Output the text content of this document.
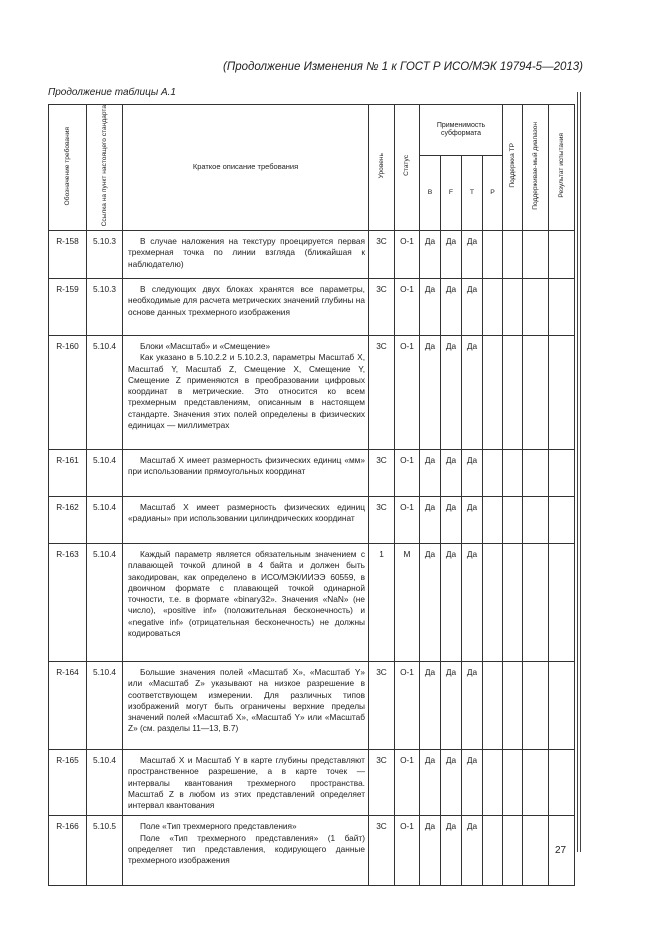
(Продолжение Изменения № 1 к ГОСТ Р ИСО/МЭК 19794-5—2013)
Продолжение таблицы А.1
Обозначение требования	Ссылка на пункт настоящего стандарта	Краткое описание требования	Уровень	Статус	Применимость субформата				Поддержка ТР	Поддерживае-мый диапазон	Результат испытания
					B	F	T	P			
R-158	5.10.3	В случае наложения на текстуру проецируется первая трехмерная точка по линии взгляда (ближайшая к наблюдателю)	3С	О-1	Да	Да	Да				
R-159	5.10.3	В следующих двух блоках хранятся все параметры, необходимые для расчета метрических значений глубины на основе данных трехмерного изображения	3С	О-1	Да	Да	Да				
R-160	5.10.4	Блоки «Масштаб» и «Смещение»
Как указано в 5.10.2.2 и 5.10.2.3, параметры Масштаб X, Масштаб Y, Масштаб Z, Смещение X, Смещение Y, Смещение Z применяются в преобразовании цифровых координат в метрические. Это относится ко всем трехмерным представлениям, описанным в настоящем стандарте. Значения этих полей определены в физических единицах — миллиметрах	3С	О-1	Да	Да	Да				
R-161	5.10.4	Масштаб X имеет размерность физических единиц «мм» при использовании прямоугольных координат	3С	О-1	Да	Да	Да				
R-162	5.10.4	Масштаб X имеет размерность физических единиц «радианы» при использовании цилиндрических координат	3С	О-1	Да	Да	Да				
R-163	5.10.4	Каждый параметр является обязательным значением с плавающей точкой длиной в 4 байта и должен быть закодирован, как определено в ИСО/МЭК/ИИЭЭ 60559, в двоичном формате с плавающей точкой одинарной точности, т.е. в формате «binary32». Значения «NaN» (не число), «positive inf» (положительная бесконечность) и «negative inf» (отрицательная бесконечность) не должны кодироваться	1	М	Да	Да	Да				
R-164	5.10.4	Большие значения полей «Масштаб X», «Масштаб Y» или «Масштаб Z» указывают на низкое разрешение в соответствующем измерении. Для различных типов изображений могут быть ограничены верхние пределы значений полей «Масштаб X», «Масштаб Y» или «Масштаб Z» (см. разделы 11—13, В.7)	3С	О-1	Да	Да	Да				
R-165	5.10.4	Масштаб X и Масштаб Y в карте глубины представляют пространственное разрешение, а в карте точек — интервалы квантования трехмерного пространства. Масштаб Z в любом из этих представлений определяет интервал квантования	3С	О-1	Да	Да	Да				
R-166	5.10.5	Поле «Тип трехмерного представления»
Поле «Тип трехмерного представления» (1 байт) определяет тип представления, кодирующего данные трехмерного изображения	3С	О-1	Да	Да	Да				
27
